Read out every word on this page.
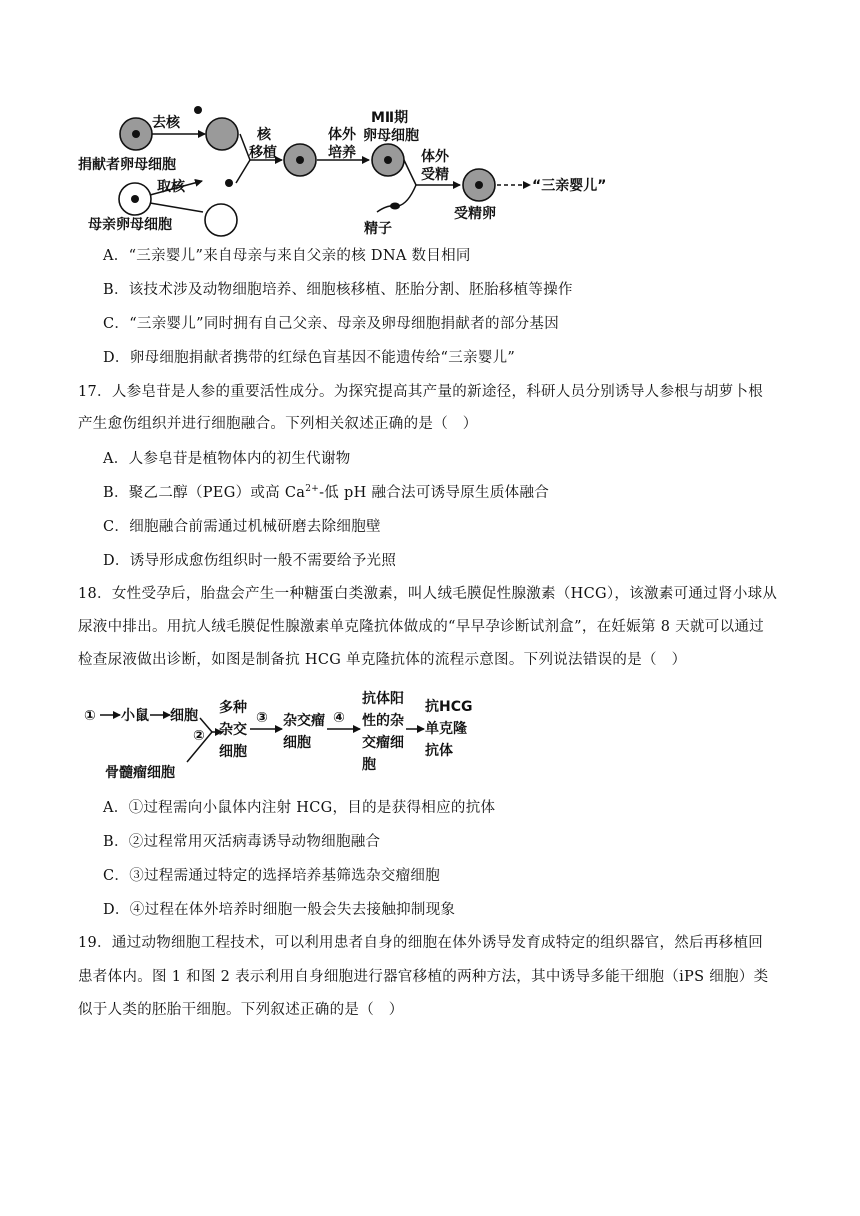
去核
捐献者卵母细胞
取核
母亲卵母细胞
核
移植
体外
培养
MⅡ期
卵母细胞
体外
受精
精子
受精卵
“三亲婴儿”
A．“三亲婴儿”来自母亲与来自父亲的核 DNA 数目相同
B．该技术涉及动物细胞培养、细胞核移植、胚胎分割、胚胎移植等操作
C．“三亲婴儿”同时拥有自己父亲、母亲及卵母细胞捐献者的部分基因
D．卵母细胞捐献者携带的红绿色盲基因不能遗传给“三亲婴儿”
17．人参皂苷是人参的重要活性成分。为探究提高其产量的新途径，科研人员分别诱导人参根与胡萝卜根
产生愈伤组织并进行细胞融合。下列相关叙述正确的是（　）
A．人参皂苷是植物体内的初生代谢物
B．聚乙二醇（PEG）或高 $Ca^{2+}-$低 pH 融合法可诱导原生质体融合
C．细胞融合前需通过机械研磨去除细胞壁
D．诱导形成愈伤组织时一般不需要给予光照
18．女性受孕后，胎盘会产生一种糖蛋白类激素，叫人绒毛膜促性腺激素（HCG），该激素可通过肾小球从
尿液中排出。用抗人绒毛膜促性腺激素单克隆抗体做成的“早早孕诊断试剂盒”，在妊娠第 8 天就可以通过
检查尿液做出诊断，如图是制备抗 HCG 单克隆抗体的流程示意图。下列说法错误的是（　）
① 小鼠 细胞
骨髓瘤细胞
②
多种
杂交
细胞
③ 杂交瘤
细胞
④
抗体阳
性的杂
交瘤细
胞
抗HCG
单克隆
抗体
A．①过程需向小鼠体内注射 HCG，目的是获得相应的抗体
B．②过程常用灭活病毒诱导动物细胞融合
C．③过程需通过特定的选择培养基筛选杂交瘤细胞
D．④过程在体外培养时细胞一般会失去接触抑制现象
19．通过动物细胞工程技术，可以利用患者自身的细胞在体外诱导发育成特定的组织器官，然后再移植回
患者体内。图 1 和图 2 表示利用自身细胞进行器官移植的两种方法，其中诱导多能干细胞（iPS 细胞）类
似于人类的胚胎干细胞。下列叙述正确的是（　）
